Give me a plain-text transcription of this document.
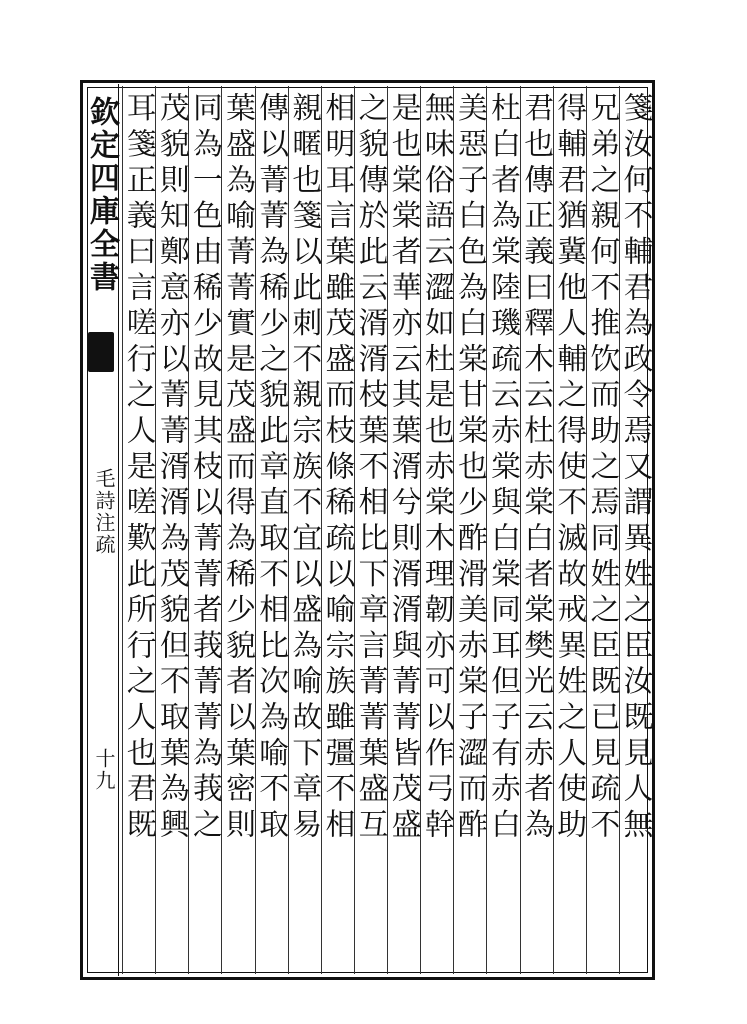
欽定四庫全書
毛詩注疏
十九	箋汝何不輔君為政令焉又謂異姓之臣汝既見人無
兄弟之親何不推饮而助之焉同姓之臣既已見疏不
得輔君猶冀他人輔之得使不滅故戒異姓之人使助
君也傳正義曰釋木云杜赤棠白者棠樊光云赤者為
杜白者為棠陸璣疏云赤棠與白棠同耳但子有赤白
美惡子白色為白棠甘棠也少酢滑美赤棠子澀而酢
無味俗語云澀如杜是也赤棠木理韌亦可以作弓幹
是也棠棠者華亦云其葉湑兮則湑湑與菁菁皆茂盛
之貌傳於此云湑湑枝葉不相比下章言菁菁葉盛互
相明耳言葉雖茂盛而枝條稀疏以喻宗族雖彊不相
親暱也箋以此刺不親宗族不宜以盛為喻故下章易
傳以菁菁為稀少之貌此章直取不相比次為喻不取
葉盛為喻菁菁實是茂盛而得為稀少貌者以葉密則
同為一色由稀少故見其枝以菁菁者莪菁菁為莪之
茂貌則知鄭意亦以菁菁湑湑為茂貌但不取葉為興
耳箋正義曰言嗟行之人是嗟歎此所行之人也君既
